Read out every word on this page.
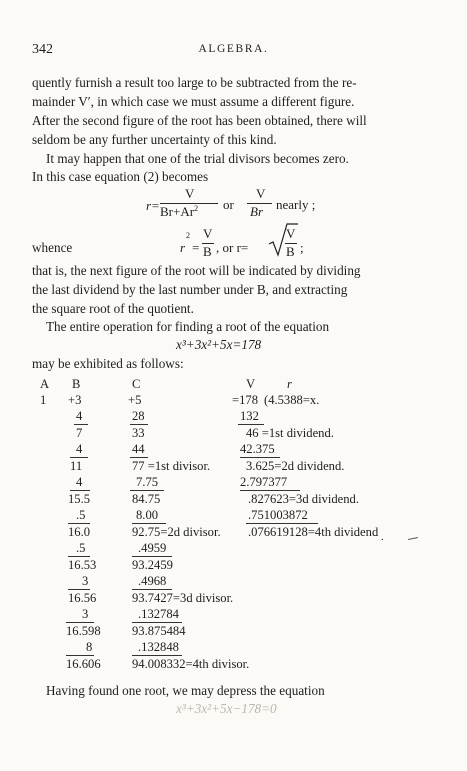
342	ALGEBRA.
quently furnish a result too large to be subtracted from the re-
mainder V′, in which case we must assume a different figure.
After the second figure of the root has been obtained, there will
seldom be any further uncertainty of this kind.
It may happen that one of the trial divisors becomes zero.
In this case equation (2) becomes
r=
V
$Br+Ar^2$ or
V
Br nearly ;
whence	r
2
=
V
B , or r=
V
B ;
that is, the next figure of the root will be indicated by dividing
the last dividend by the last number under B, and extracting
the square root of the quotient.
The entire operation for finding a root of the equation
x³+3x²+5x=178
may be exhibited as follows:
A B	C	V	r
1 +3	+5	=178 (4.5388=x.
4	28	132
7	33	46 =1st dividend.
4	44	42.375
11	77 =1st divisor.	3.625=2d dividend.
4	7.75	2.797377
15.5	84.75	.827623=3d dividend.
.5	8.00	.751003872
16.0	92.75=2d divisor. .076619128=4th dividend
⸱
.5	.4959
16.53	93.2459
3	.4968
16.56	93.7427=3d divisor.
3	.132784
16.598 93.875484
8	.132848
16.606 94.008332=4th divisor.
Having found one root, we may depress the equation
x³+3x²+5x−178=0
